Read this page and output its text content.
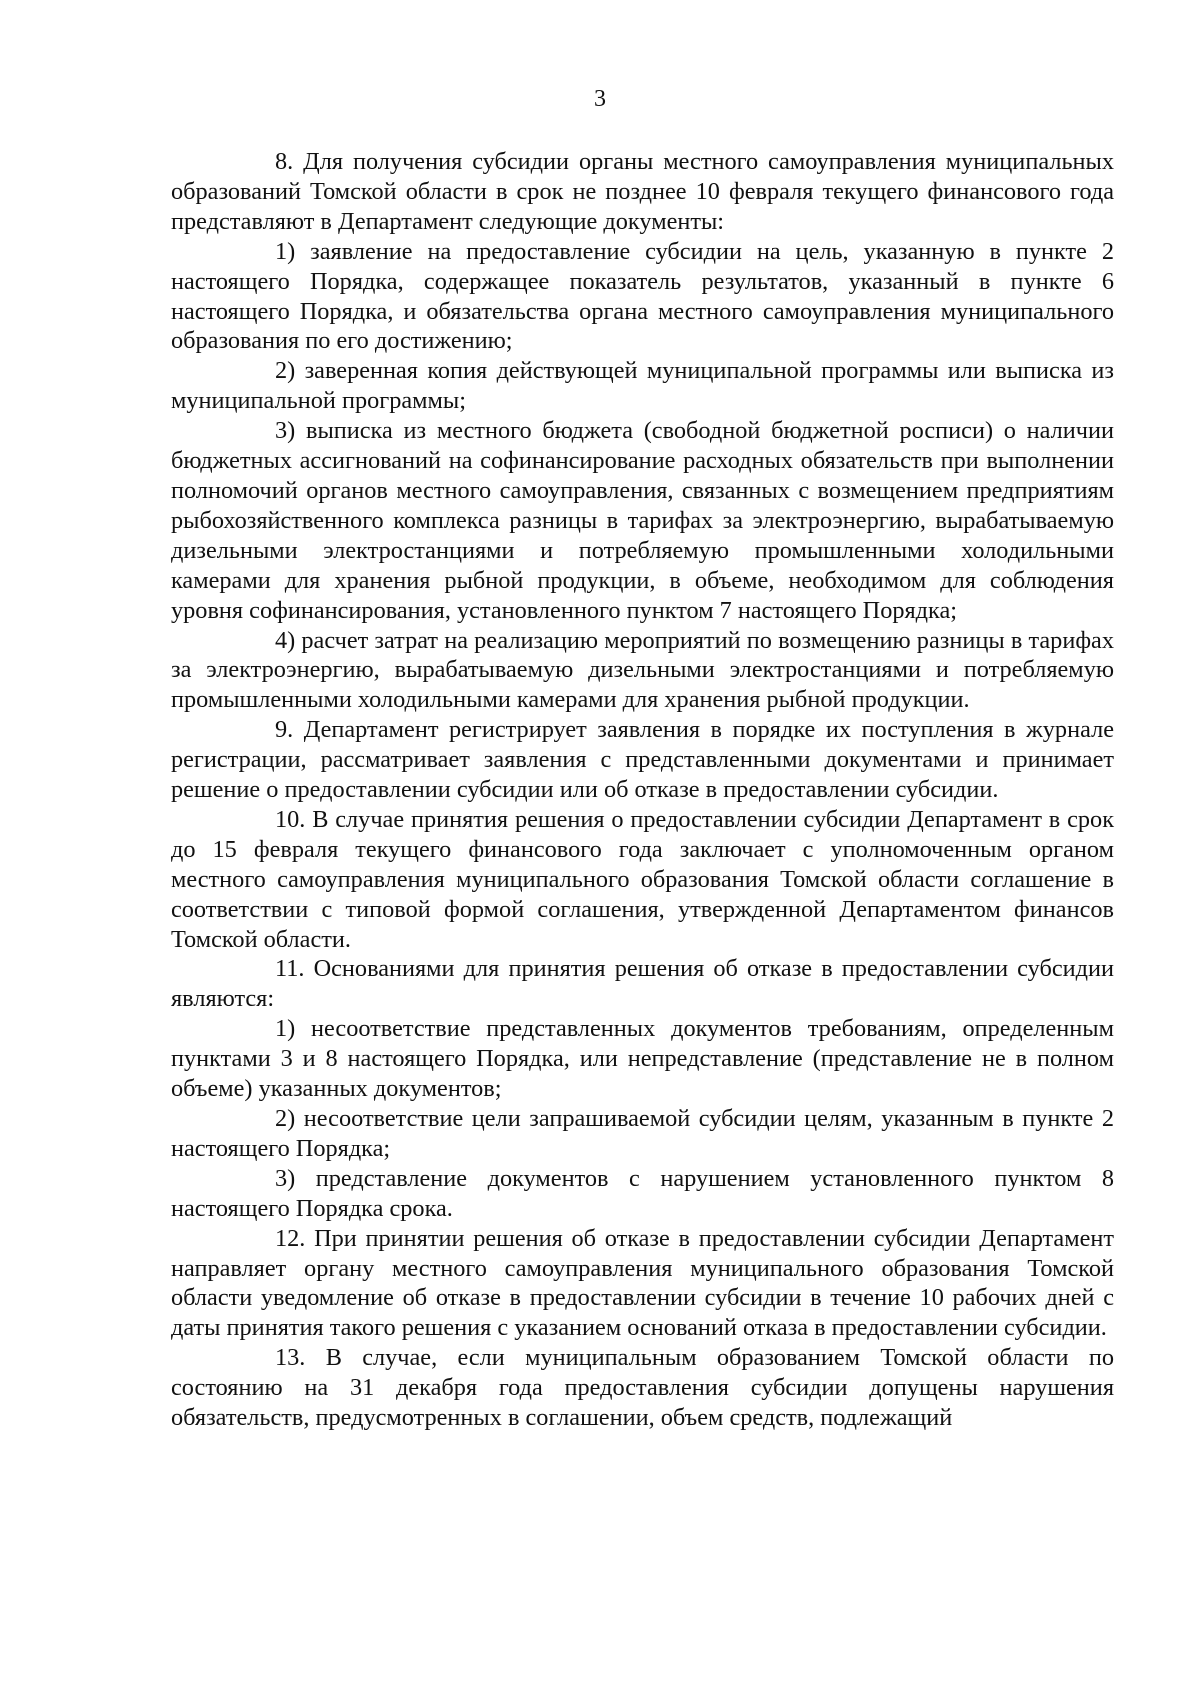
3

8. Для получения субсидии органы местного самоуправления муниципальных образований Томской области в срок не позднее 10 февраля текущего финансового года представляют в Департамент следующие документы:

1) заявление на предоставление субсидии на цель, указанную в пункте 2 настоящего Порядка, содержащее показатель результатов, указанный в пункте 6 настоящего Порядка, и обязательства органа местного самоуправления муниципального образования по его достижению;

2) заверенная копия действующей муниципальной программы или выписка из муниципальной программы;

3) выписка из местного бюджета (свободной бюджетной росписи) о наличии бюджетных ассигнований на софинансирование расходных обязательств при выполнении полномочий органов местного самоуправления, связанных с возмещением предприятиям рыбохозяйственного комплекса разницы в тарифах за электроэнергию, вырабатываемую дизельными электростанциями и потребляемую промышленными холодильными камерами для хранения рыбной продукции, в объеме, необходимом для соблюдения уровня софинансирования, установленного пунктом 7 настоящего Порядка;

4) расчет затрат на реализацию мероприятий по возмещению разницы в тарифах за электроэнергию, вырабатываемую дизельными электростанциями и потребляемую промышленными холодильными камерами для хранения рыбной продукции.

9. Департамент регистрирует заявления в порядке их поступления в журнале регистрации, рассматривает заявления с представленными документами и принимает решение о предоставлении субсидии или об отказе в предоставлении субсидии.

10. В случае принятия решения о предоставлении субсидии Департамент в срок до 15 февраля текущего финансового года заключает с уполномоченным органом местного самоуправления муниципального образования Томской области соглашение в соответствии с типовой формой соглашения, утвержденной Департаментом финансов Томской области.

11. Основаниями для принятия решения об отказе в предоставлении субсидии являются:

1) несоответствие представленных документов требованиям, определенным пунктами 3 и 8 настоящего Порядка, или непредставление (представление не в полном объеме) указанных документов;

2) несоответствие цели запрашиваемой субсидии целям, указанным в пункте 2 настоящего Порядка;

3) представление документов с нарушением установленного пунктом 8 настоящего Порядка срока.

12. При принятии решения об отказе в предоставлении субсидии Департамент направляет органу местного самоуправления муниципального образования Томской области уведомление об отказе в предоставлении субсидии в течение 10 рабочих дней с даты принятия такого решения с указанием оснований отказа в предоставлении субсидии.

13. В случае, если муниципальным образованием Томской области по состоянию на 31 декабря года предоставления субсидии допущены нарушения обязательств, предусмотренных в соглашении, объем средств, подлежащий
